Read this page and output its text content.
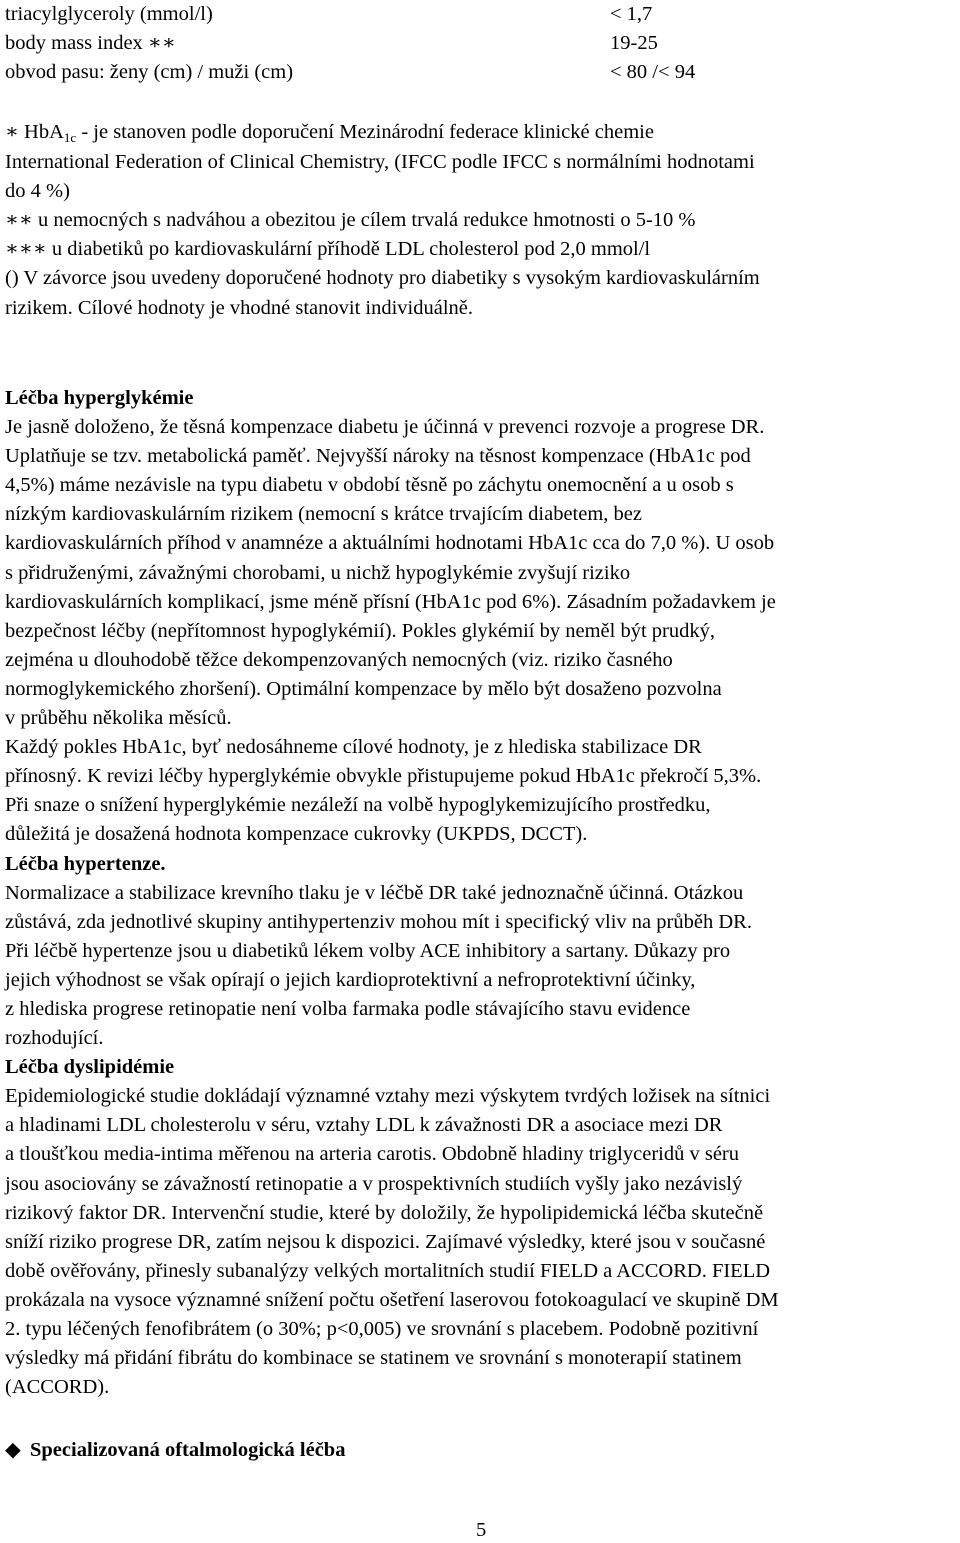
triacylglyceroly (mmol/l)	< 1,7
body mass index ∗∗	19-25
obvod pasu: ženy (cm) / muži (cm)	< 80 /< 94

∗ HbA1c - je stanoven podle doporučení Mezinárodní federace klinické chemie

International Federation of Clinical Chemistry, (IFCC podle IFCC s normálními hodnotami

do 4 %)

∗∗ u nemocných s nadváhou a obezitou je cílem trvalá redukce hmotnosti o 5-10 %

∗∗∗ u diabetiků po kardiovaskulární příhodě LDL cholesterol pod 2,0 mmol/l

() V závorce jsou uvedeny doporučené hodnoty pro diabetiky s vysokým kardiovaskulárním

rizikem. Cílové hodnoty je vhodné stanovit individuálně.

Léčba hyperglykémie

Je jasně doloženo, že těsná kompenzace diabetu je účinná v prevenci rozvoje a progrese DR.

Uplatňuje se tzv. metabolická paměť. Nejvyšší nároky na těsnost kompenzace (HbA1c pod

4,5%) máme nezávisle na typu diabetu v období těsně po záchytu onemocnění a u osob s

nízkým kardiovaskulárním rizikem (nemocní s krátce trvajícím diabetem, bez

kardiovaskulárních příhod v anamnéze a aktuálními hodnotami HbA1c cca do 7,0 %). U osob

s přidruženými, závažnými chorobami, u nichž hypoglykémie zvyšují riziko

kardiovaskulárních komplikací, jsme méně přísní (HbA1c pod 6%). Zásadním požadavkem je

bezpečnost léčby (nepřítomnost hypoglykémií). Pokles glykémií by neměl být prudký,

zejména u dlouhodobě těžce dekompenzovaných nemocných (viz. riziko časného

normoglykemického zhoršení). Optimální kompenzace by mělo být dosaženo pozvolna

v průběhu několika měsíců.

Každý pokles HbA1c, byť nedosáhneme cílové hodnoty, je z hlediska stabilizace DR

přínosný. K revizi léčby hyperglykémie obvykle přistupujeme pokud HbA1c překročí 5,3%.

Při snaze o snížení hyperglykémie nezáleží na volbě hypoglykemizujícího prostředku,

důležitá je dosažená hodnota kompenzace cukrovky (UKPDS, DCCT).

Léčba hypertenze.

Normalizace a stabilizace krevního tlaku je v léčbě DR také jednoznačně účinná. Otázkou

zůstává, zda jednotlivé skupiny antihypertenziv mohou mít i specifický vliv na průběh DR.

Při léčbě hypertenze jsou u diabetiků lékem volby ACE inhibitory a sartany. Důkazy pro

jejich výhodnost se však opírají o jejich kardioprotektivní a nefroprotektivní účinky,

z hlediska progrese retinopatie není volba farmaka podle stávajícího stavu evidence

rozhodující.

Léčba dyslipidémie

Epidemiologické studie dokládají významné vztahy mezi výskytem tvrdých ložisek na sítnici

a hladinami LDL cholesterolu v séru, vztahy LDL k závažnosti DR a asociace mezi DR

a tloušťkou media-intima měřenou na arteria carotis. Obdobně hladiny triglyceridů v séru

jsou asociovány se závažností retinopatie a v prospektivních studiích vyšly jako nezávislý

rizikový faktor DR. Intervenční studie, které by doložily, že hypolipidemická léčba skutečně

sníží riziko progrese DR, zatím nejsou k dispozici. Zajímavé výsledky, které jsou v současné

době ověřovány, přinesly subanalýzy velkých mortalitních studií FIELD a ACCORD. FIELD

prokázala na vysoce významné snížení počtu ošetření laserovou fotokoagulací ve skupině DM

2. typu léčených fenofibrátem (o 30%; p<0,005) ve srovnání s placebem. Podobně pozitivní

výsledky má přidání fibrátu do kombinace se statinem ve srovnání s monoterapií statinem

(ACCORD).

◆ Specializovaná oftalmologická léčba
5
